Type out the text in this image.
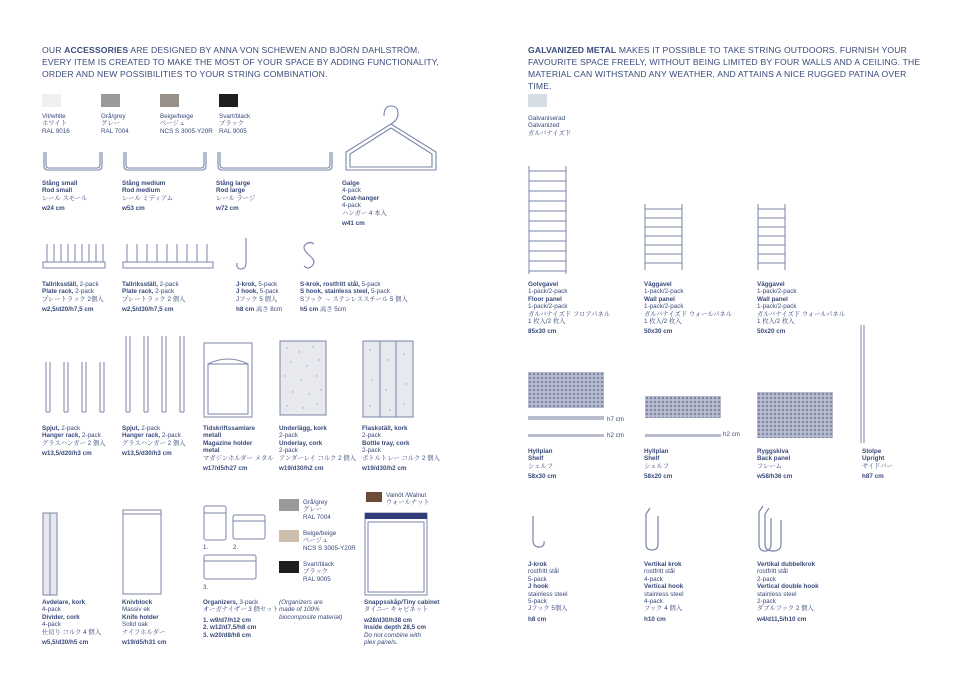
OUR ACCESSORIES ARE DESIGNED BY ANNA VON SCHEWEN AND BJÖRN DAHLSTRÖM. EVERY ITEM IS CREATED TO MAKE THE MOST OF YOUR SPACE BY ADDING FUNCTIONALITY, ORDER AND NEW POSSIBILITIES TO YOUR STRING COMBINATION.
Vit/white
ホワイト
RAL 9016
Grå/grey
グレー
RAL 7004
Beige/beige
ベージュ
NCS S 3005-Y20R
Svart/black
ブラック
RAL 9005
Stång small
Rod small
レール スモール
w24 cm
Stång medium
Rod medium
レール ミディアム
w53 cm
Stång large
Rod large
レール ラージ
w72 cm
Galge
4-pack
Coat-hanger
4-pack
ハンガー 4 本入
w41 cm
Tallriksställ, 2-pack
Plate rack, 2-pack
プレートラック 2個入
w2,5/d20/h7,5 cm
Tallriksställ, 2-pack
Plate rack, 2-pack
プレートラック 2 個入
w2,5/d30/h7,5 cm
J-krok, 5-pack
J hook, 5-pack
Jフック 5 個入
h8 cm 高さ 8cm
S-krok, rostfritt stål, 5-pack
S hook, stainless steel, 5-pack
Sフック → ステンレススチール 5 個入
h5 cm 高さ 5cm
Spjut, 2-pack
Hanger rack, 2-pack
グラスハンガー 2 個入
w13,5/d20/h3 cm
Spjut, 2-pack
Hanger rack, 2-pack
グラスハンガー 2 個入
w13,5/d30/h3 cm
Tidskriftssamlare
metall
Magazine holder
metal
マガジンホルダー メタル
w17/d5/h27 cm
Underlägg, kork
2-pack
Underlay, cork
2-pack
アンダーレイ コルク 2 個入
w19/d30/h2 cm
Flaskställ, kork
2-pack
Bottle tray, cork
2-pack
ボトルトレー コルク 2 個入
w19/d30/h2 cm
Avdelare, kork
4-pack
Divider, cork
4-pack
仕切り コルク 4 個入
w5,5/d30/h5 cm
Knivblock
Massiv ek
Knife holder
Solid oak
ナイフホルダー
w19/d5/h31 cm
1.	2.
3.
Organizers, 3-pack
オーガナイザー 3 個セット
1. w9/d7/h12 cm
2. w12/d7,5/h8 cm
3. w20/d8/h8 cm
(Organizers are
made of 100%
biocomposite material)
Grå/grey
グレー
RAL 7004
Beige/beige
ベージュ
NCS S 3005-Y20R
Svart/black
ブラック
RAL 9005
Valnöt /Walnut
ウォールナット
Snappsskåp/Tiny cabinet
タイニー キャビネット
w28/d30/h38 cm
Inside depth 28,5 cm
Do not combine with
plex panels.
GALVANIZED METAL MAKES IT POSSIBLE TO TAKE STRING OUTDOORS. FURNISH YOUR FAVOURITE SPACE FREELY, WITHOUT BEING LIMITED BY FOUR WALLS AND A CEILING. THE MATERIAL CAN WITHSTAND ANY WEATHER, AND ATTAINS A NICE RUGGED PATINA OVER TIME.
Galvaniserad
Galvanized
ガルバナイズド
Golvgavel
1-pack/2-pack
Floor panel
1-pack/2-pack
ガルバナイズド フロアパネル
1 枚入/2 枚入
85x30 cm
Väggavel
1-pack/2-pack
Wall panel
1-pack/2-pack
ガルバナイズド ウォールパネル
1 枚入/2 枚入
50x30 cm
Väggavel
1-pack/2-pack
Wall panel
1-pack/2-pack
ガルバナイズド ウォールパネル
1 枚入/2 枚入
50x20 cm
Stolpe
Upright
サイドバー
h87 cm
h7 cm
h2 cm
Hyllplan
Shelf
シェルフ
58x30 cm
h2 cm
Hyllplan
Shelf
シェルフ
58x20 cm
Ryggskiva
Back panel
フレーム
w58/h36 cm
J-krok
rostfritt stål
5-pack
J hook
stainless steel
5-pack
Jフック 5個入
h8 cm
Vertikal krok
rostfritt stål
4-pack
Vertical hook
stainless steel
4-pack
フック 4 個入
h10 cm
Vertikal dubbelkrok
rostfritt stål
2-pack
Vertical double hook
stainless steel
2-pack
ダブルフック 2 個入
w4/d11,5/h10 cm
